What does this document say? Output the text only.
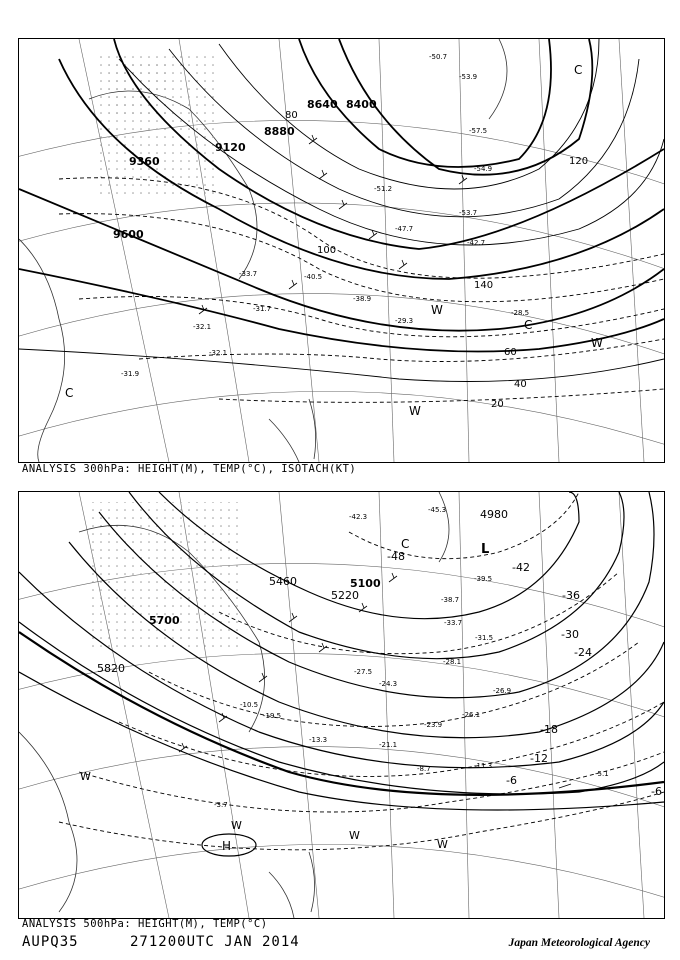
8640 8400
8880
9120
9360
9600
40
60
80
100
120
140
20
C
C
C
W
W
W
-50.7
-53.9
-57.5
-54.9
-53.7
-51.2
-47.7
-42.7
-38.9
-33.7
-31.7
-29.3
-28.5
-32.1
-31.9
-32.1
-40.5
ANALYSIS 300hPa: HEIGHT(M), TEMP(°C), ISOTACH(KT)
4980
5100
5220
5460
5700
5820
-48
-42
-36
-30
-24
-18
-12
-6
-6
C	L
H
W
W
W
W
-45.3
-42.3
-39.5
-38.7
-33.7
-31.5
-28.1
-26.9
-26.1
-24.3
-21.1
-13.3
-11.3
-8.7
-5.1
-3.7
-10.5
-19.5
-23.9
-27.5
ANALYSIS 500hPa: HEIGHT(M), TEMP(°C)
AUPQ35	271200UTC JAN 2014	Japan Meteorological Agency
